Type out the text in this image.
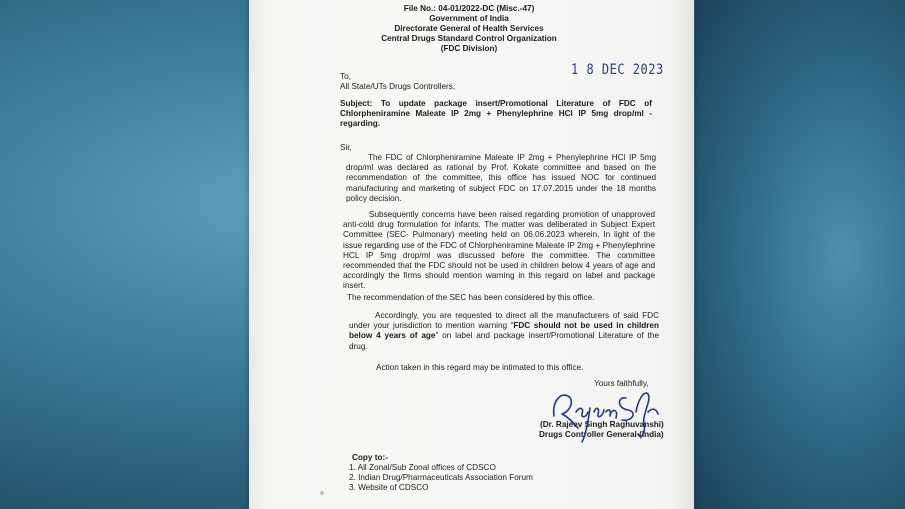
File No.: 04-01/2022-DC (Misc.-47)
Government of India
Directorate General of Health Services
Central Drugs Standard Control Organization
(FDC Division)
To,
All State/UTs Drugs Controllers,
Subject: To update package insert/Promotional Literature of FDC of Chlorpheniramine Maleate IP 2mg + Phenylephrine HCl IP 5mg drop/ml - regarding.
Sir,
The FDC of Chlorpheniramine Maleate IP 2mg + Phenylephrine HCl IP 5mg drop/ml was declared as rational by Prof. Kokate committee and based on the recommendation of the committee, this office has issued NOC for continued manufacturing and marketing of subject FDC on 17.07.2015 under the 18 months policy decision.
Subsequently concerns have been raised regarding promotion of unapproved anti-cold drug formulation for infants. The matter was deliberated in Subject Expert Committee (SEC- Pulmonary) meeting held on 06.06.2023 wherein, In light of the issue regarding use of the FDC of Chlorpheniramine Maleate IP 2mg + Phenylephrine HCL IP 5mg drop/ml was discussed before the committee. The committee recommended that the FDC should not be used in children below 4 years of age and accordingly the firms should mention warning in this regard on label and package insert.
The recommendation of the SEC has been considered by this office.
Accordingly, you are requested to direct all the manufacturers of said FDC under your jurisdiction to mention warning “FDC should not be used in children below 4 years of age” on label and package insert/Promotional Literature of the drug.
Action taken in this regard may be intimated to this office.
Yours faithfully,
(Dr. Rajeev Singh Raghuvanshi)
Drugs Controller General (India)
Copy to:-
1. All Zonal/Sub Zonal offices of CDSCO
2. Indian Drug/Pharmaceuticals Association Forum
3. Website of CDSCO
1 8 DEC 2023
